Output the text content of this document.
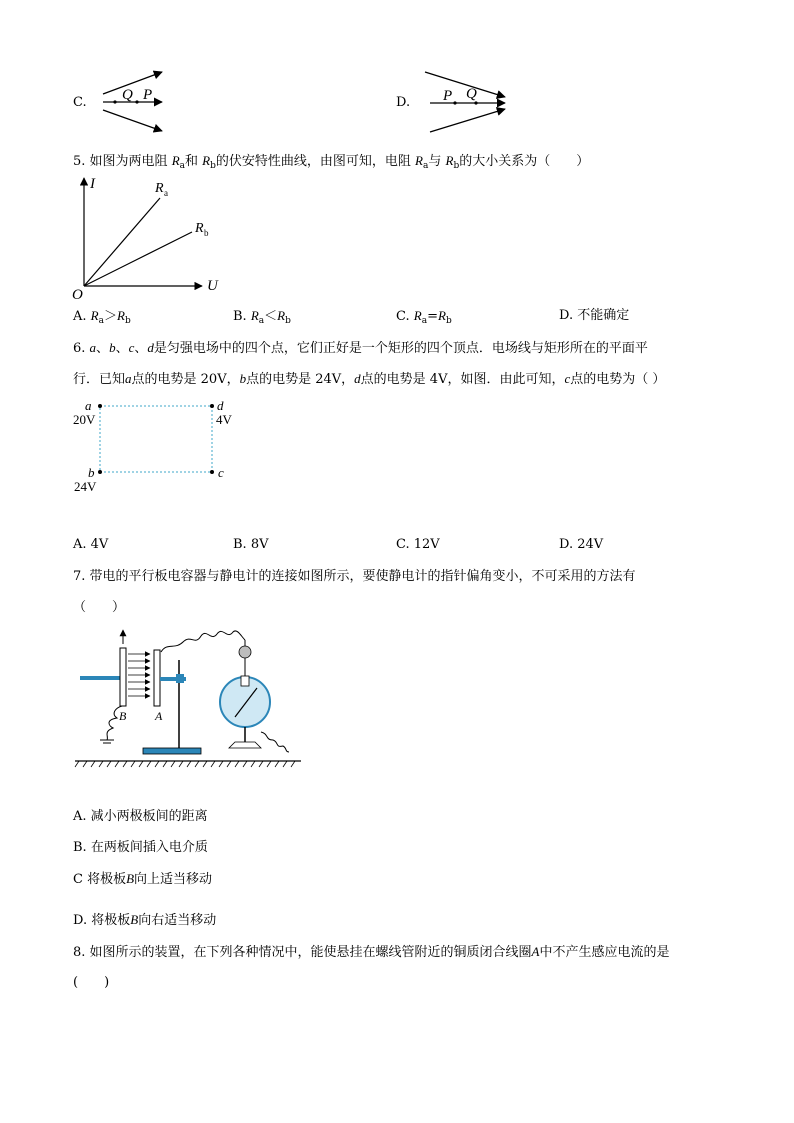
C. Q P	D. P Q
5. 如图为两电阻 $R_a$和 $R_b$的伏安特性曲线，由图可知，电阻 $R_a$与 $R_b$的大小关系为（　　）
I
U
O
R a
R b
A. $R_a>R_b$	B. $R_a<R_b$	C. $R_a=R_b$	D. 不能确定
6. a、b、c、d是匀强电场中的四个点，它们正好是一个矩形的四个顶点．电场线与矩形所在的平面平
行．已知a点的电势是 20V，b点的电势是 24V，d点的电势是 4V，如图．由此可知，c点的电势为（ ）
a	d
b	c
20V	4V
24V
A. 4V	B. 8V	C. 12V	D. 24V
7. 带电的平行板电容器与静电计的连接如图所示，要使静电计的指针偏角变小，不可采用的方法有
（　　）
B A
A. 减小两极板间的距离
B. 在两板间插入电介质
C 将极板B向上适当移动
D. 将极板B向右适当移动
8. 如图所示的装置，在下列各种情况中，能使悬挂在螺线管附近的铜质闭合线圈A中不产生感应电流的是
(　　)
